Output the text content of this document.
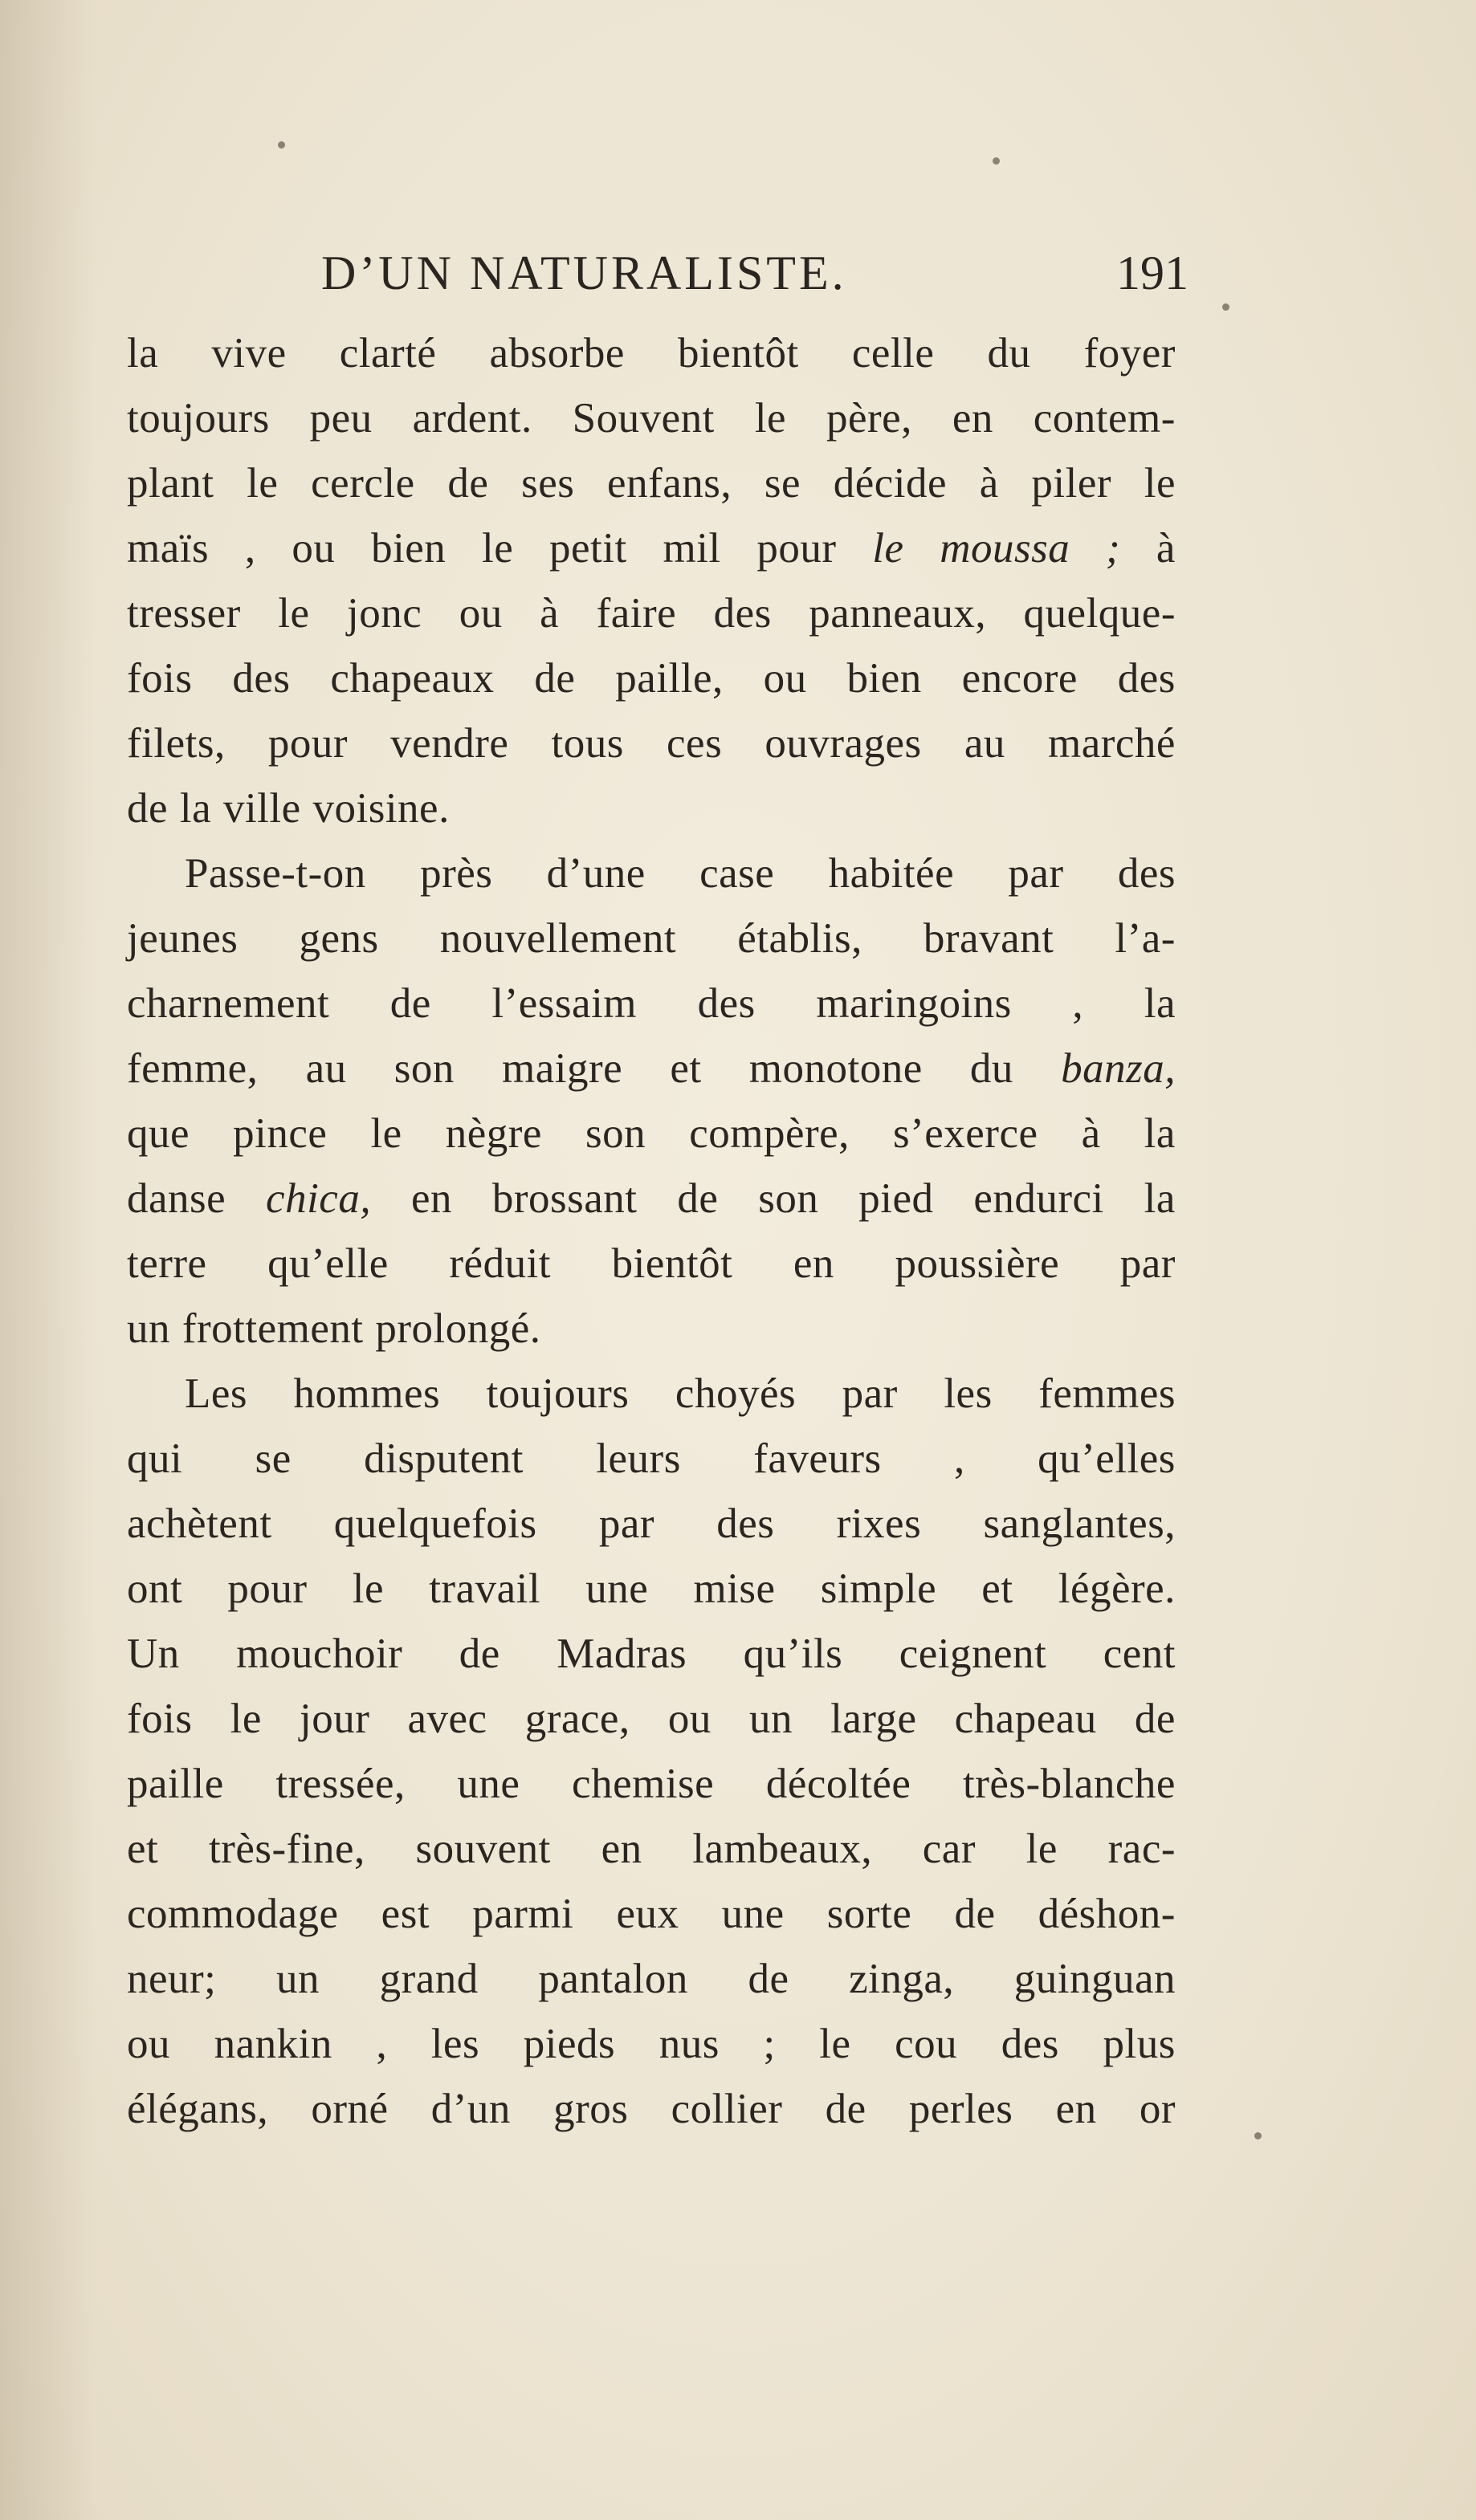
D’UN NATURALISTE.	191
la vive clarté absorbe bientôt celle du foyer
toujours peu ardent. Souvent le père, en contem-
plant le cercle de ses enfans, se décide à piler le
maïs , ou bien le petit mil pour le moussa ; à
tresser le jonc ou à faire des panneaux, quelque-
fois des chapeaux de paille, ou bien encore des
filets, pour vendre tous ces ouvrages au marché
de la ville voisine.
Passe-t-on près d’une case habitée par des
jeunes gens nouvellement établis, bravant l’a-
charnement de l’essaim des maringoins , la
femme, au son maigre et monotone du banza,
que pince le nègre son compère, s’exerce à la
danse chica, en brossant de son pied endurci la
terre qu’elle réduit bientôt en poussière par
un frottement prolongé.
Les hommes toujours choyés par les femmes
qui se disputent leurs faveurs , qu’elles
achètent quelquefois par des rixes sanglantes,
ont pour le travail une mise simple et légère.
Un mouchoir de Madras qu’ils ceignent cent
fois le jour avec grace, ou un large chapeau de
paille tressée, une chemise décoltée très-blanche
et très-fine, souvent en lambeaux, car le rac-
commodage est parmi eux une sorte de déshon-
neur; un grand pantalon de zinga, guinguan
ou nankin , les pieds nus ; le cou des plus
élégans, orné d’un gros collier de perles en or
